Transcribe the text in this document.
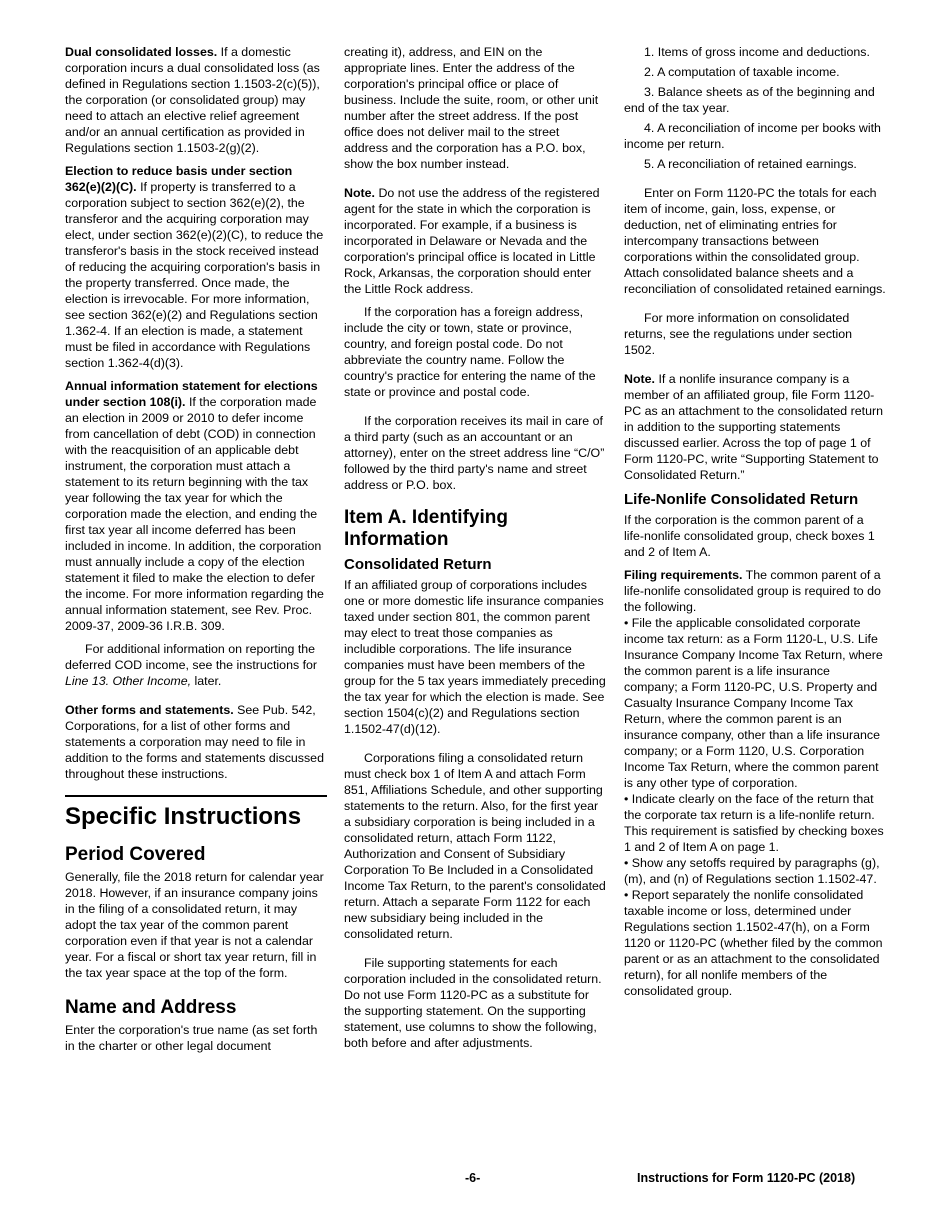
Dual consolidated losses. If a domestic corporation incurs a dual consolidated loss (as defined in Regulations section 1.1503-2(c)(5)), the corporation (or consolidated group) may need to attach an elective relief agreement and/or an annual certification as provided in Regulations section 1.1503-2(g)(2).

Election to reduce basis under section 362(e)(2)(C). If property is transferred to a corporation subject to section 362(e)(2), the transferor and the acquiring corporation may elect, under section 362(e)(2)(C), to reduce the transferor's basis in the stock received instead of reducing the acquiring corporation's basis in the property transferred. Once made, the election is irrevocable. For more information, see section 362(e)(2) and Regulations section 1.362-4. If an election is made, a statement must be filed in accordance with Regulations section 1.362-4(d)(3).

Annual information statement for elections under section 108(i). If the corporation made an election in 2009 or 2010 to defer income from cancellation of debt (COD) in connection with the reacquisition of an applicable debt instrument, the corporation must attach a statement to its return beginning with the tax year following the tax year for which the corporation made the election, and ending the first tax year all income deferred has been included in income. In addition, the corporation must annually include a copy of the election statement it filed to make the election to defer the income. For more information regarding the annual information statement, see Rev. Proc. 2009-37, 2009-36 I.R.B. 309.

For additional information on reporting the deferred COD income, see the instructions for Line 13. Other Income, later.

Other forms and statements. See Pub. 542, Corporations, for a list of other forms and statements a corporation may need to file in addition to the forms and statements discussed throughout these instructions.

Specific Instructions
Period Covered

Generally, file the 2018 return for calendar year 2018. However, if an insurance company joins in the filing of a consolidated return, it may adopt the tax year of the common parent corporation even if that year is not a calendar year. For a fiscal or short tax year return, fill in the tax year space at the top of the form.

Name and Address

Enter the corporation's true name (as set forth in the charter or other legal document

creating it), address, and EIN on the appropriate lines. Enter the address of the corporation's principal office or place of business. Include the suite, room, or other unit number after the street address. If the post office does not deliver mail to the street address and the corporation has a P.O. box, show the box number instead.

Note. Do not use the address of the registered agent for the state in which the corporation is incorporated. For example, if a business is incorporated in Delaware or Nevada and the corporation's principal office is located in Little Rock, Arkansas, the corporation should enter the Little Rock address.

If the corporation has a foreign address, include the city or town, state or province, country, and foreign postal code. Do not abbreviate the country name. Follow the country's practice for entering the name of the state or province and postal code.

If the corporation receives its mail in care of a third party (such as an accountant or an attorney), enter on the street address line “C/O” followed by the third party's name and street address or P.O. box.

Item A. Identifying Information
Consolidated Return

If an affiliated group of corporations includes one or more domestic life insurance companies taxed under section 801, the common parent may elect to treat those companies as includible corporations. The life insurance companies must have been members of the group for the 5 tax years immediately preceding the tax year for which the election is made. See section 1504(c)(2) and Regulations section 1.1502-47(d)(12).

Corporations filing a consolidated return must check box 1 of Item A and attach Form 851, Affiliations Schedule, and other supporting statements to the return. Also, for the first year a subsidiary corporation is being included in a consolidated return, attach Form 1122, Authorization and Consent of Subsidiary Corporation To Be Included in a Consolidated Income Tax Return, to the parent's consolidated return. Attach a separate Form 1122 for each new subsidiary being included in the consolidated return.

File supporting statements for each corporation included in the consolidated return. Do not use Form 1120-PC as a substitute for the supporting statement. On the supporting statement, use columns to show the following, both before and after adjustments.

1. Items of gross income and deductions.

2. A computation of taxable income.

3. Balance sheets as of the beginning and end of the tax year.

4. A reconciliation of income per books with income per return.

5. A reconciliation of retained earnings.

Enter on Form 1120-PC the totals for each item of income, gain, loss, expense, or deduction, net of eliminating entries for intercompany transactions between corporations within the consolidated group. Attach consolidated balance sheets and a reconciliation of consolidated retained earnings.

For more information on consolidated returns, see the regulations under section 1502.

Note. If a nonlife insurance company is a member of an affiliated group, file Form 1120-PC as an attachment to the consolidated return in addition to the supporting statements discussed earlier. Across the top of page 1 of Form 1120-PC, write “Supporting Statement to Consolidated Return.”

Life-Nonlife Consolidated Return

If the corporation is the common parent of a life-nonlife consolidated group, check boxes 1 and 2 of Item A.

Filing requirements. The common parent of a life-nonlife consolidated group is required to do the following.

• File the applicable consolidated corporate income tax return: as a Form 1120-L, U.S. Life Insurance Company Income Tax Return, where the common parent is a life insurance company; a Form 1120-PC, U.S. Property and Casualty Insurance Company Income Tax Return, where the common parent is an insurance company, other than a life insurance company; or a Form 1120, U.S. Corporation Income Tax Return, where the common parent is any other type of corporation.

• Indicate clearly on the face of the return that the corporate tax return is a life-nonlife return. This requirement is satisfied by checking boxes 1 and 2 of Item A on page 1.

• Show any setoffs required by paragraphs (g), (m), and (n) of Regulations section 1.1502-47.

• Report separately the nonlife consolidated taxable income or loss, determined under Regulations section 1.1502-47(h), on a Form 1120 or 1120-PC (whether filed by the common parent or as an attachment to the consolidated return), for all nonlife members of the consolidated group.

-6-	Instructions for Form 1120-PC (2018)
